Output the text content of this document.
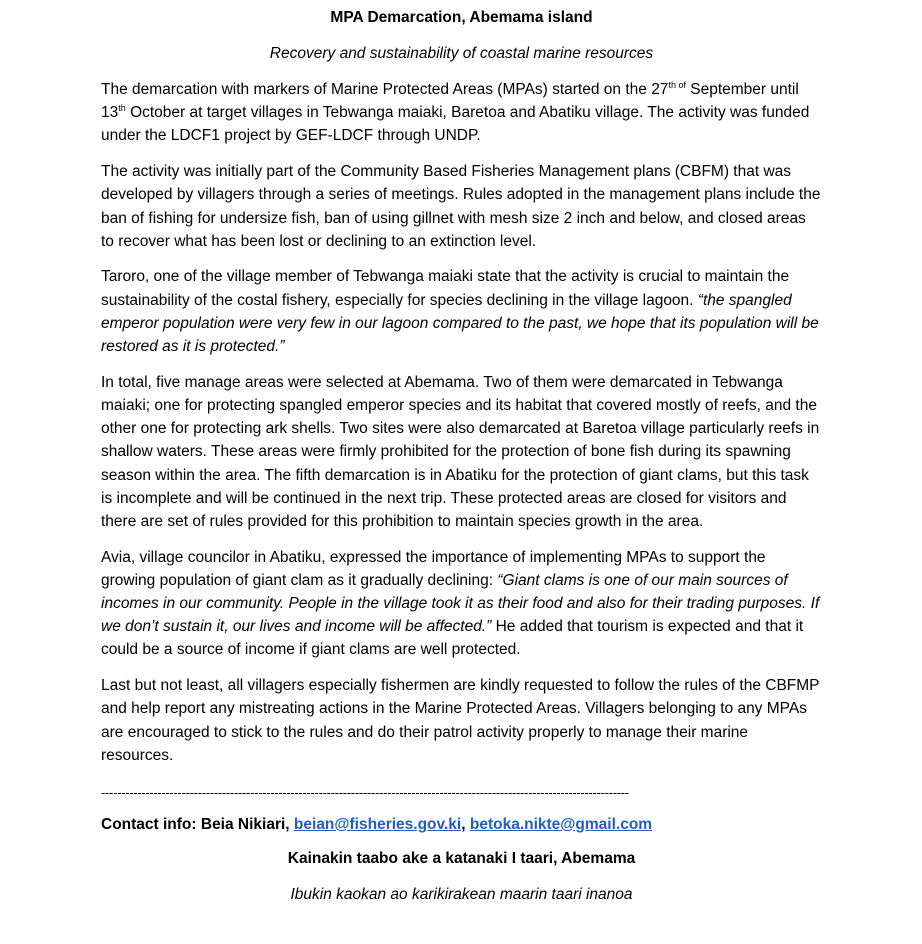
MPA Demarcation, Abemama island
Recovery and sustainability of coastal marine resources

The demarcation with markers of Marine Protected Areas (MPAs) started on the $27^{th of}$ September until 13th October at target villages in Tebwanga maiaki, Baretoa and Abatiku village. The activity was funded under the LDCF1 project by GEF-LDCF through UNDP.

The activity was initially part of the Community Based Fisheries Management plans (CBFM) that was developed by villagers through a series of meetings. Rules adopted in the management plans include the ban of fishing for undersize fish, ban of using gillnet with mesh size 2 inch and below, and closed areas to recover what has been lost or declining to an extinction level.

Taroro, one of the village member of Tebwanga maiaki state that the activity is crucial to maintain the sustainability of the costal fishery, especially for species declining in the village lagoon. “the spangled emperor population were very few in our lagoon compared to the past, we hope that its population will be restored as it is protected.”

In total, five manage areas were selected at Abemama. Two of them were demarcated in Tebwanga maiaki; one for protecting spangled emperor species and its habitat that covered mostly of reefs, and the other one for protecting ark shells. Two sites were also demarcated at Baretoa village particularly reefs in shallow waters. These areas were firmly prohibited for the protection of bone fish during its spawning season within the area. The fifth demarcation is in Abatiku for the protection of giant clams, but this task is incomplete and will be continued in the next trip. These protected areas are closed for visitors and there are set of rules provided for this prohibition to maintain species growth in the area.

Avia, village councilor in Abatiku, expressed the importance of implementing MPAs to support the growing population of giant clam as it gradually declining: “Giant clams is one of our main sources of incomes in our community. People in the village took it as their food and also for their trading purposes. If we don’t sustain it, our lives and income will be affected.” He added that tourism is expected and that it could be a source of income if giant clams are well protected.

Last but not least, all villagers especially fishermen are kindly requested to follow the rules of the CBFMP and help report any mistreating actions in the Marine Protected Areas. Villagers belonging to any MPAs are encouraged to stick to the rules and do their patrol activity properly to manage their marine resources.

-----------------------------------------------------------------------------------------------------------------------------------
Contact info: Beia Nikiari, beian@fisheries.gov.ki, betoka.nikte@gmail.com
Kainakin taabo ake a katanaki I taari, Abemama
Ibukin kaokan ao karikirakean maarin taari inanoa
